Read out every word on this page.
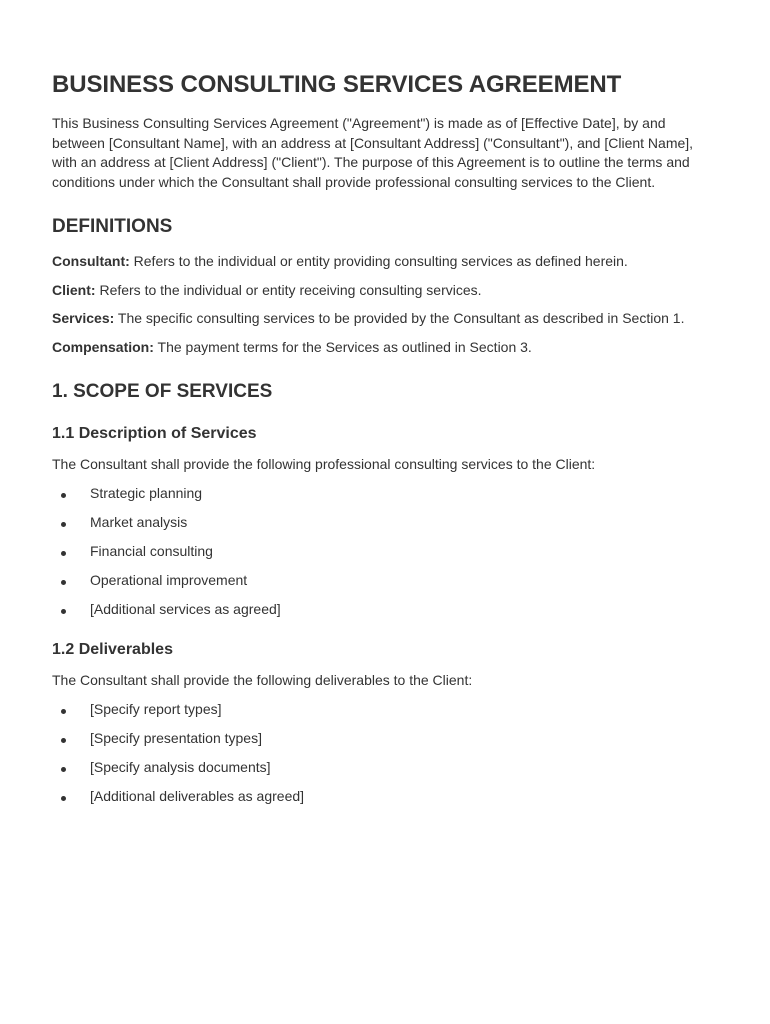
BUSINESS CONSULTING SERVICES AGREEMENT

This Business Consulting Services Agreement ("Agreement") is made as of [Effective Date], by and between [Consultant Name], with an address at [Consultant Address] ("Consultant"), and [Client Name], with an address at [Client Address] ("Client"). The purpose of this Agreement is to outline the terms and conditions under which the Consultant shall provide professional consulting services to the Client.

DEFINITIONS

Consultant: Refers to the individual or entity providing consulting services as defined herein.

Client: Refers to the individual or entity receiving consulting services.

Services: The specific consulting services to be provided by the Consultant as described in Section 1.

Compensation: The payment terms for the Services as outlined in Section 3.

1. SCOPE OF SERVICES
1.1 Description of Services

The Consultant shall provide the following professional consulting services to the Client:

Strategic planning
Market analysis
Financial consulting
Operational improvement
[Additional services as agreed]
1.2 Deliverables

The Consultant shall provide the following deliverables to the Client:

[Specify report types]
[Specify presentation types]
[Specify analysis documents]
[Additional deliverables as agreed]
